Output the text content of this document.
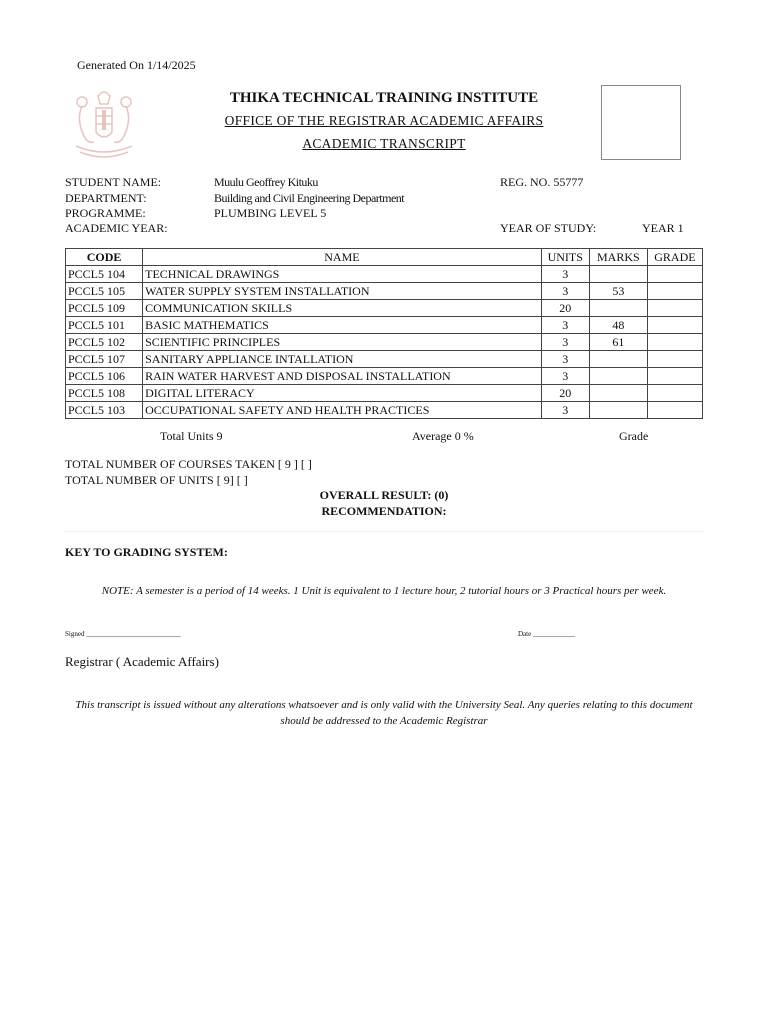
Generated On 1/14/2025
THIKA TECHNICAL TRAINING INSTITUTE
OFFICE OF THE REGISTRAR ACADEMIC AFFAIRS
ACADEMIC TRANSCRIPT
STUDENT NAME:	Muulu Geoffrey Kituku	REG. NO. 55777
DEPARTMENT:	Building and Civil Engineering Department
PROGRAMME:	PLUMBING LEVEL 5
ACADEMIC YEAR:	YEAR OF STUDY:	YEAR 1
CODE	NAME	UNITS	MARKS	GRADE
PCCL5 104	TECHNICAL DRAWINGS	3		
PCCL5 105	WATER SUPPLY SYSTEM INSTALLATION	3	53	
PCCL5 109	COMMUNICATION SKILLS	20		
PCCL5 101	BASIC MATHEMATICS	3	48	
PCCL5 102	SCIENTIFIC PRINCIPLES	3	61	
PCCL5 107	SANITARY APPLIANCE INTALLATION	3		
PCCL5 106	RAIN WATER HARVEST AND DISPOSAL INSTALLATION	3		
PCCL5 108	DIGITAL LITERACY	20		
PCCL5 103	OCCUPATIONAL SAFETY AND HEALTH PRACTICES	3		
Total Units 9	Average 0 %	Grade
TOTAL NUMBER OF COURSES TAKEN [ 9 ] [ ]
TOTAL NUMBER OF UNITS [ 9] [ ]
OVERALL RESULT: (0)
RECOMMENDATION:
KEY TO GRADING SYSTEM:
NOTE: A semester is a period of 14 weeks. 1 Unit is equivalent to 1 lecture hour, 2 tutorial hours or 3 Practical hours per week.
Signed ___________________________	Date ____________
Registrar ( Academic Affairs)
This transcript is issued without any alterations whatsoever and is only valid with the University Seal. Any queries relating to this document should be addressed to the Academic Registrar
